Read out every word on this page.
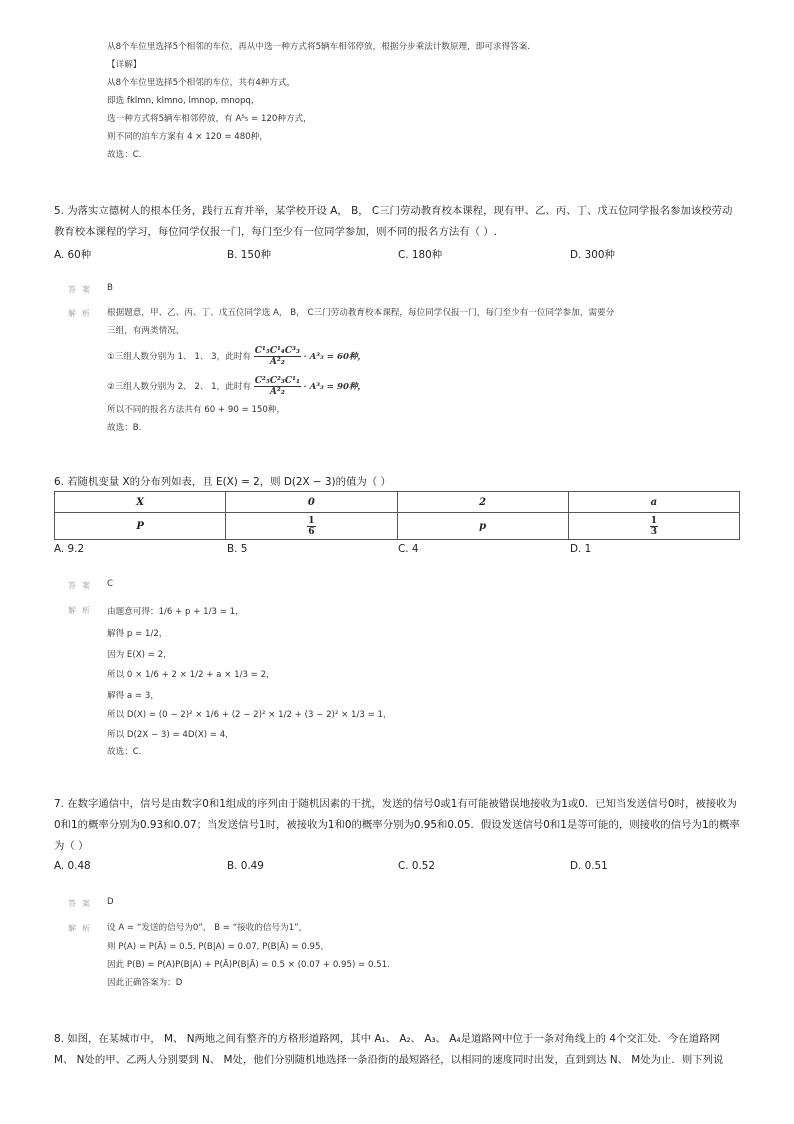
从8个车位里选择5个相邻的车位，再从中选一种方式将5辆车相邻停放，根据分步乘法计数原理，即可求得答案.
【详解】
从8个车位里选择5个相邻的车位，共有4种方式，
即选 fklmn, klmno, lmnop, mnopq,
选一种方式将5辆车相邻停放，有 A⁵₅ = 120种方式，
则不同的泊车方案有 4 × 120 = 480种，
故选：C.
5. 为落实立德树人的根本任务，践行五育并举，某学校开设 A， B， C三门劳动教育校本课程，现有甲、乙、丙、丁、戊五位同学报名参加该校劳动
教育校本课程的学习，每位同学仅报一门，每门至少有一位同学参加，则不同的报名方法有（ ）.
A. 60种	B. 150种	C. 180种	D. 300种
答案 B
解析 根据题意，甲、乙、丙、丁、戊五位同学选 A， B， C三门劳动教育校本课程，每位同学仅报一门，每门至少有一位同学参加，需要分
三组，有两类情况，
①三组人数分别为 1、 1、 3，此时有 $\frac{\text{C¹₅C¹₄C³₃}}{\text{A²₂}} \cdot A^3_3 = 60$种，
②三组人数分别为 2、 2、 1，此时有 $\frac{\text{C²₅C²₃C¹₁}}{\text{A²₂}} \cdot A^3_3 = 90$种，
所以不同的报名方法共有 60 + 90 = 150种，
故选：B.
6. 若随机变量 X的分布列如表，且 E(X) = 2，则 D(2X − 3)的值为（ ）
X	0	2	a
P	$\frac{1}{6}$	p	$\frac{1}{3}$
A. 9.2	B. 5	C. 4	D. 1
答案 C
解析 由题意可得：1/6 + p + 1/3 = 1，
解得 p = 1/2，
因为 E(X) = 2，
所以 0 × 1/6 + 2 × 1/2 + a × 1/3 = 2，
解得 a = 3，
所以 D(X) = (0 − 2)² × 1/6 + (2 − 2)² × 1/2 + (3 − 2)² × 1/3 = 1，
所以 D(2X − 3) = 4D(X) = 4，
故选：C.
7. 在数字通信中，信号是由数字0和1组成的序列由于随机因素的干扰，发送的信号0或1有可能被错误地接收为1或0．已知当发送信号0时，被接收为
0和1的概率分别为0.93和0.07；当发送信号1时，被接收为1和0的概率分别为0.95和0.05．假设发送信号0和1是等可能的，则接收的信号为1的概率
为（ ）
A. 0.48	B. 0.49	C. 0.52	D. 0.51
答案 D
解析 设 A = “发送的信号为0”， B = “接收的信号为1”，
则 P(A) = P(Ā) = 0.5, P(B|A) = 0.07, P(B|Ā) = 0.95，
因此 P(B) = P(A)P(B|A) + P(Ā)P(B|Ā) = 0.5 × (0.07 + 0.95) = 0.51.
因此正确答案为：D
8. 如图，在某城市中， M、 N两地之间有整齐的方格形道路网，其中 A₁、 A₂、 A₃、 A₄是道路网中位于一条对角线上的 4个交汇处．今在道路网
M、 N处的甲、乙两人分别要到 N、 M处，他们分别随机地选择一条沿街的最短路径，以相同的速度同时出发，直到到达 N、 M处为止．则下列说
